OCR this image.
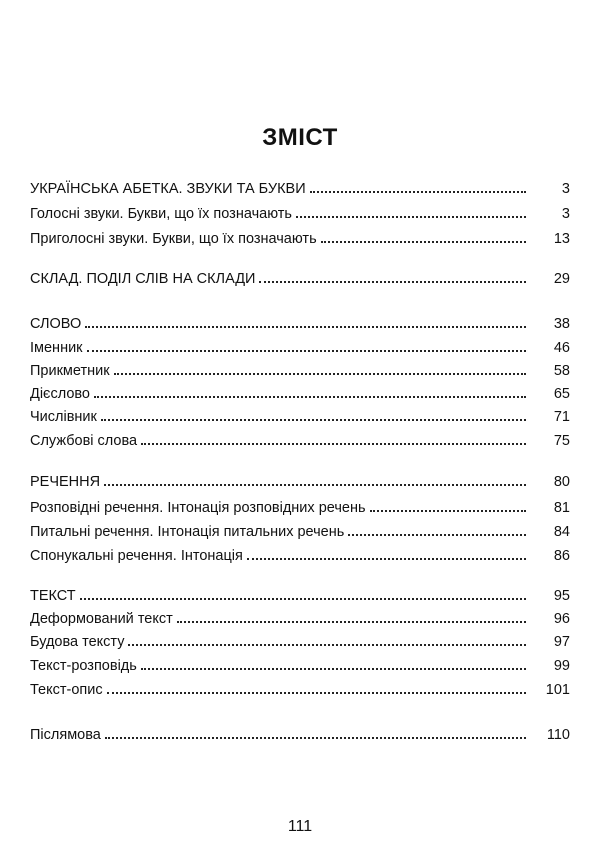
ЗМІСТ
УКРАЇНСЬКА АБЕТКА. ЗВУКИ ТА БУКВИ	3
Голосні звуки. Букви, що їх позначають	3
Приголосні звуки. Букви, що їх позначають	13
СКЛАД. ПОДІЛ СЛІВ НА СКЛАДИ	29
СЛОВО	38
Іменник	46
Прикметник	58
Дієслово	65
Числівник	71
Службові слова	75
РЕЧЕННЯ	80
Розповідні речення. Інтонація розповідних речень	81
Питальні речення. Інтонація питальних речень	84
Спонукальні речення. Інтонація	86
ТЕКСТ	95
Деформований текст	96
Будова тексту	97
Текст-розповідь	99
Текст-опис	101
Післямова	110
111
